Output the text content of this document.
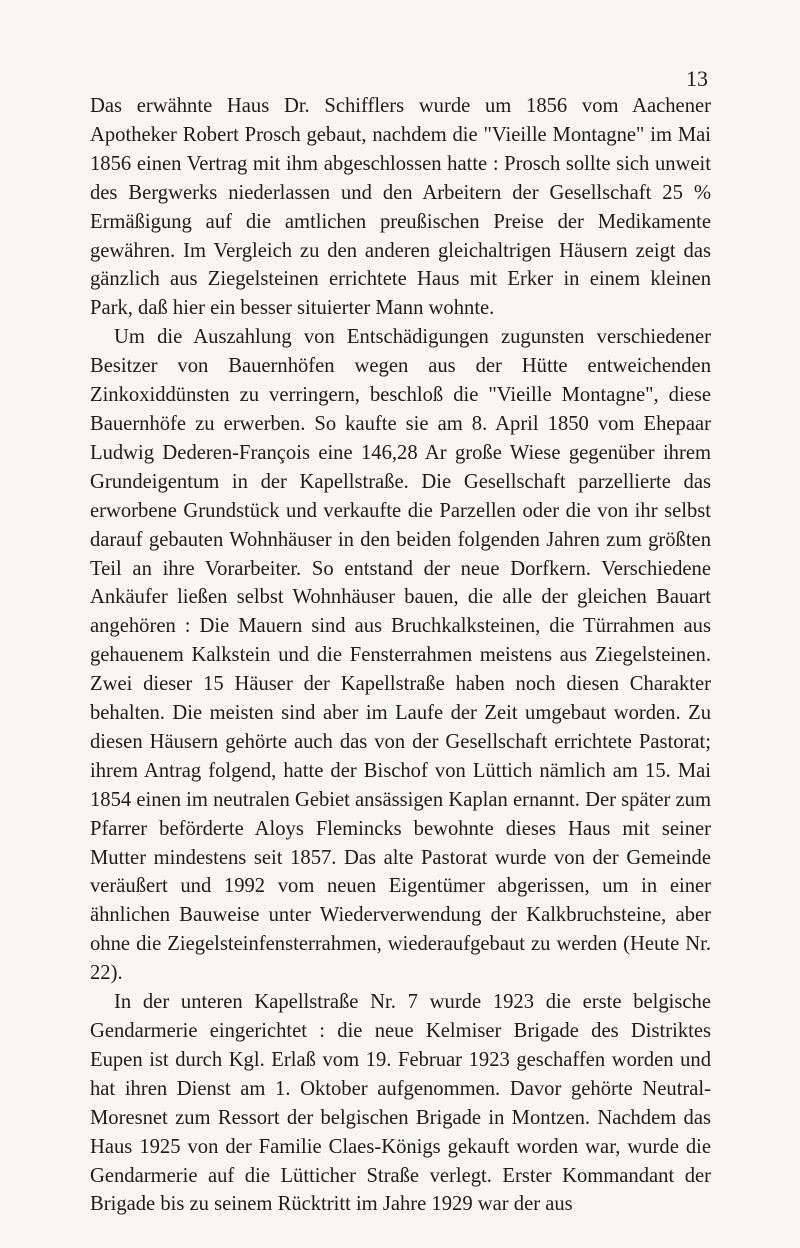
13

Das erwähnte Haus Dr. Schifflers wurde um 1856 vom Aachener Apotheker Robert Prosch gebaut, nachdem die "Vieille Montagne" im Mai 1856 einen Vertrag mit ihm abgeschlossen hatte : Prosch sollte sich unweit des Bergwerks niederlassen und den Arbeitern der Gesellschaft 25 % Ermäßigung auf die amtlichen preußischen Preise der Medikamente gewähren. Im Vergleich zu den anderen gleichaltrigen Häusern zeigt das gänzlich aus Ziegelsteinen errichtete Haus mit Erker in einem kleinen Park, daß hier ein besser situierter Mann wohnte.

Um die Auszahlung von Entschädigungen zugunsten verschiedener Besitzer von Bauernhöfen wegen aus der Hütte entweichenden Zinkoxiddünsten zu verringern, beschloß die "Vieille Montagne", diese Bauernhöfe zu erwerben. So kaufte sie am 8. April 1850 vom Ehepaar Ludwig Dederen-François eine 146,28 Ar große Wiese gegenüber ihrem Grundeigentum in der Kapellstraße. Die Gesellschaft parzellierte das erworbene Grundstück und verkaufte die Parzellen oder die von ihr selbst darauf gebauten Wohnhäuser in den beiden folgenden Jahren zum größten Teil an ihre Vorarbeiter. So entstand der neue Dorfkern. Verschiedene Ankäufer ließen selbst Wohnhäuser bauen, die alle der gleichen Bauart angehören : Die Mauern sind aus Bruchkalksteinen, die Türrahmen aus gehauenem Kalkstein und die Fensterrahmen meistens aus Ziegelsteinen. Zwei dieser 15 Häuser der Kapellstraße haben noch diesen Charakter behalten. Die meisten sind aber im Laufe der Zeit umgebaut worden. Zu diesen Häusern gehörte auch das von der Gesellschaft errichtete Pastorat; ihrem Antrag folgend, hatte der Bischof von Lüttich nämlich am 15. Mai 1854 einen im neutralen Gebiet ansässigen Kaplan ernannt. Der später zum Pfarrer beförderte Aloys Flemincks bewohnte dieses Haus mit seiner Mutter mindestens seit 1857. Das alte Pastorat wurde von der Gemeinde veräußert und 1992 vom neuen Eigentümer abgerissen, um in einer ähnlichen Bauweise unter Wiederverwendung der Kalkbruchsteine, aber ohne die Ziegelsteinfensterrahmen, wiederaufgebaut zu werden (Heute Nr. 22).

In der unteren Kapellstraße Nr. 7 wurde 1923 die erste belgische Gendarmerie eingerichtet : die neue Kelmiser Brigade des Distriktes Eupen ist durch Kgl. Erlaß vom 19. Februar 1923 geschaffen worden und hat ihren Dienst am 1. Oktober aufgenommen. Davor gehörte Neutral-Moresnet zum Ressort der belgischen Brigade in Montzen. Nachdem das Haus 1925 von der Familie Claes-Königs gekauft worden war, wurde die Gendarmerie auf die Lütticher Straße verlegt. Erster Kommandant der Brigade bis zu seinem Rücktritt im Jahre 1929 war der aus
